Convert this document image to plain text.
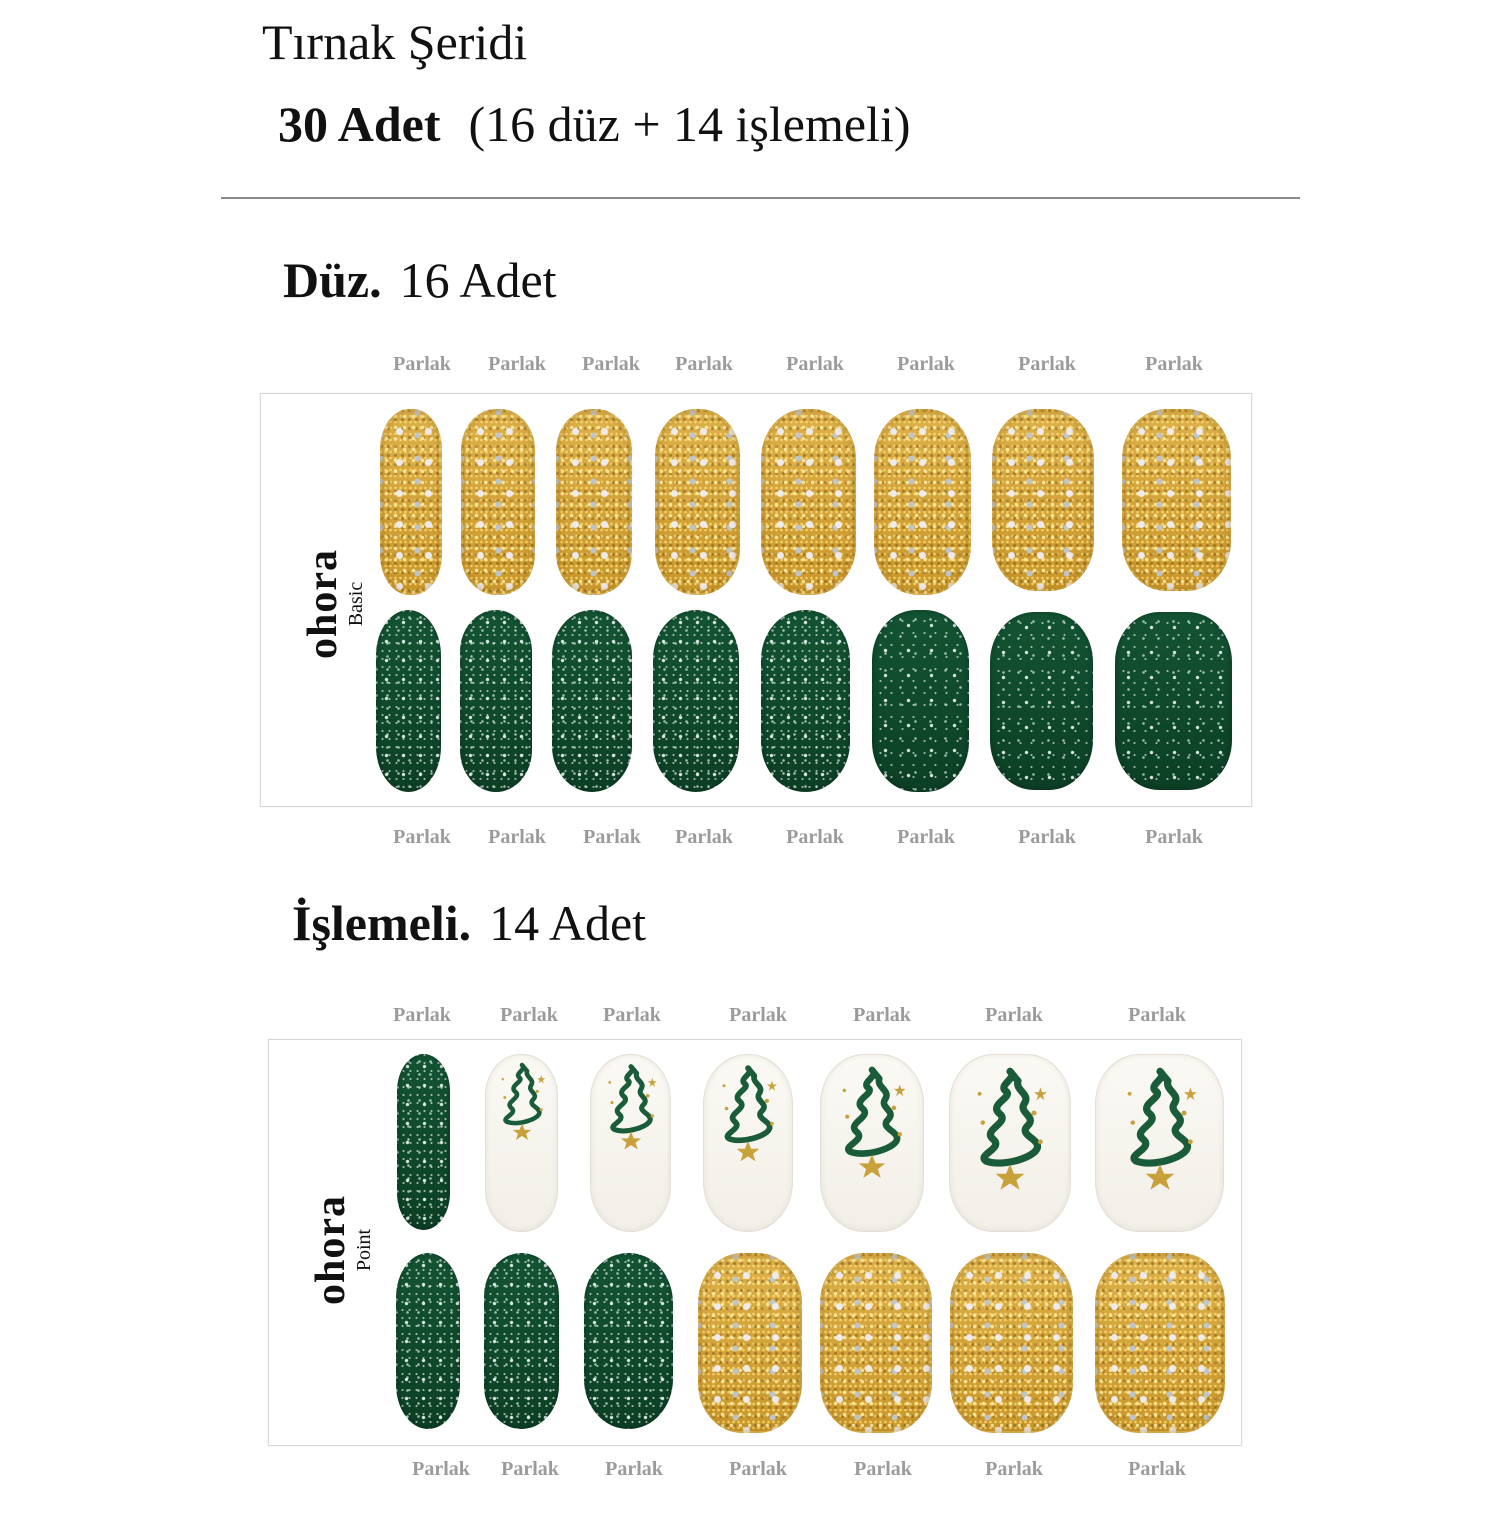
Tırnak Şeridi
30 Adet (16 düz + 14 işlemeli)
Düz. 16 Adet
Parlak Parlak Parlak Parlak	Parlak	Parlak	Parlak	Parlak
ohora Basic
Parlak Parlak Parlak Parlak	Parlak	Parlak	Parlak	Parlak
İşlemeli. 14 Adet
Parlak Parlak Parlak	Parlak	Parlak	Parlak	Parlak
ohora Point
Parlak Parlak Parlak	Parlak	Parlak	Parlak	Parlak
